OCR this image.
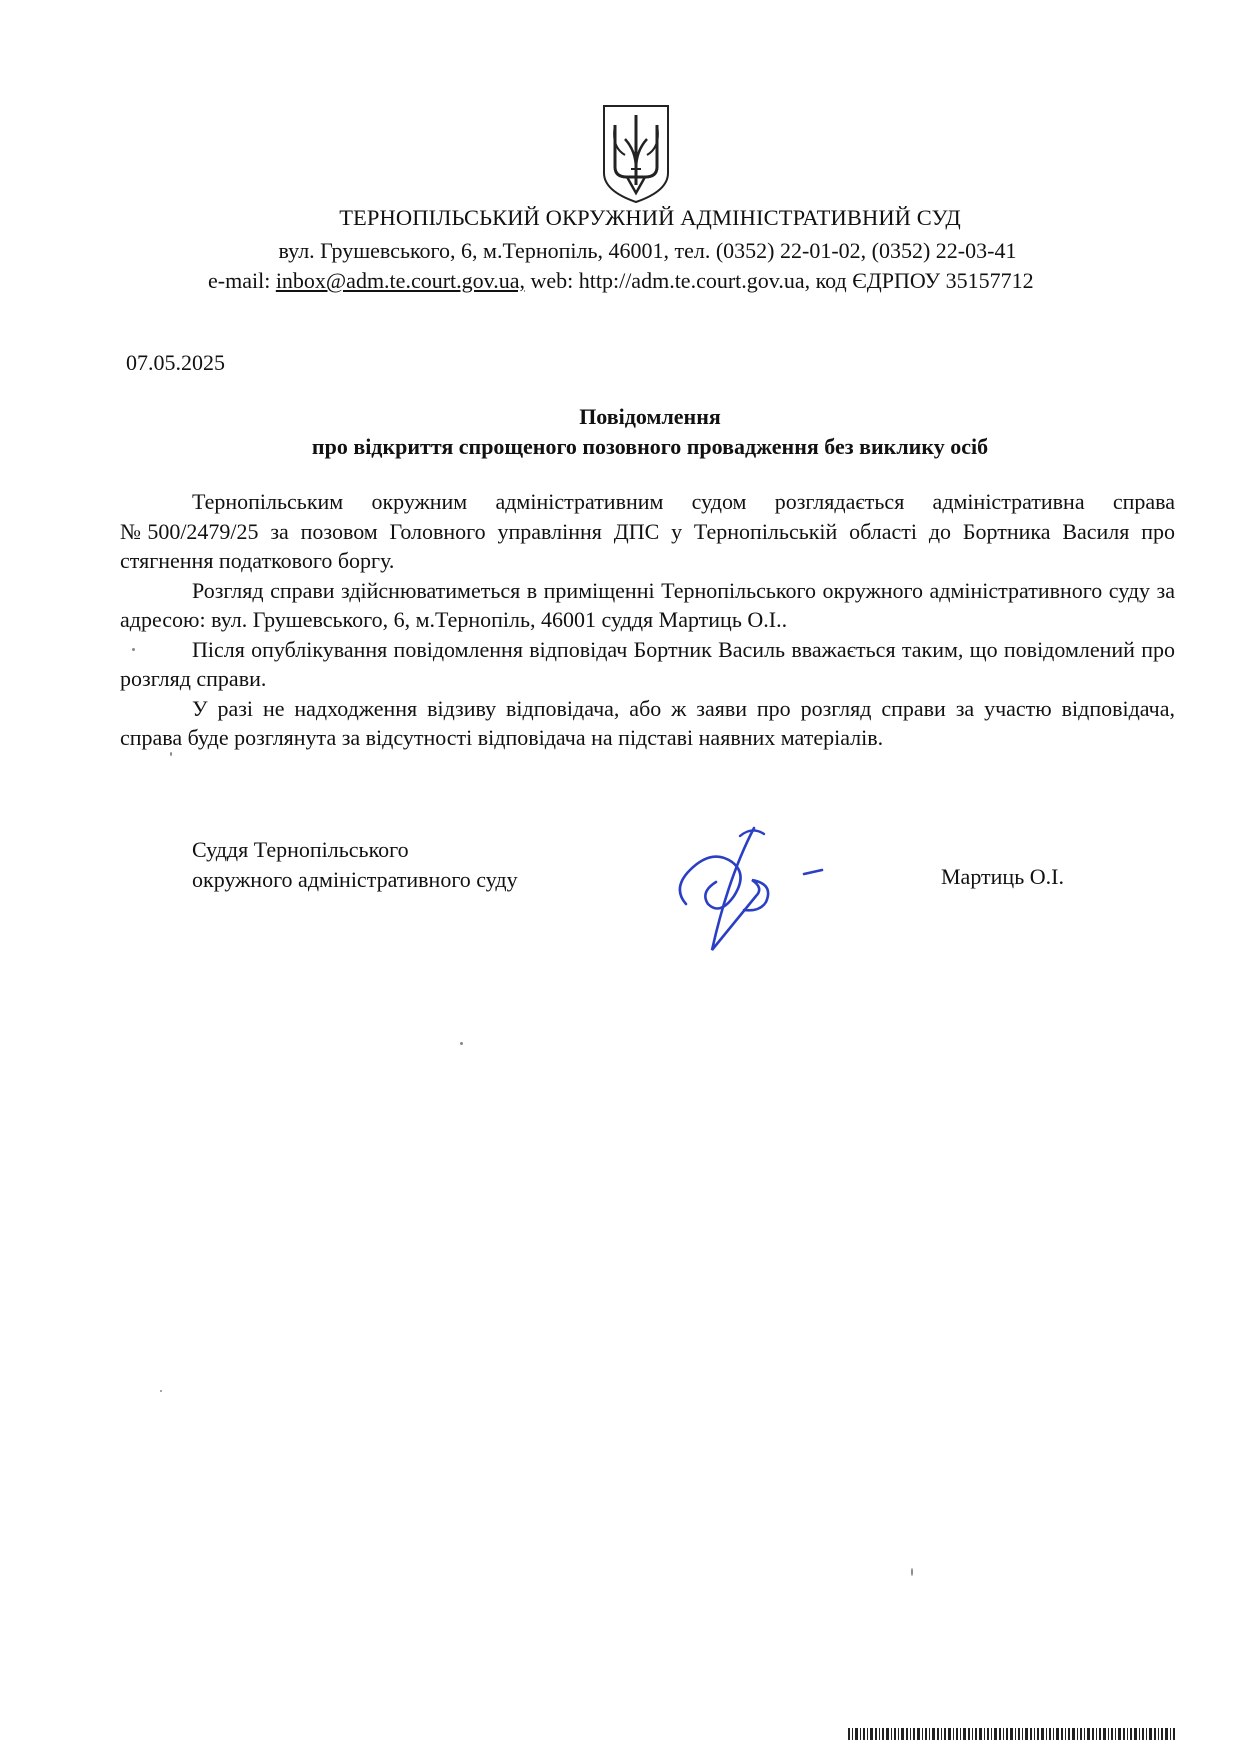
ТЕРНОПІЛЬСЬКИЙ ОКРУЖНИЙ АДМІНІСТРАТИВНИЙ СУД
вул. Грушевського, 6, м.Тернопіль, 46001, тел. (0352) 22-01-02, (0352) 22-03-41
e-mail: inbox@adm.te.court.gov.ua, web: http://adm.te.court.gov.ua, код ЄДРПОУ 35157712
07.05.2025
Повідомлення
про відкриття спрощеного позовного провадження без виклику осіб

Тернопільським окружним адміністративним судом розглядається адміністративна справа №500/2479/25 за позовом Головного управління ДПС у Тернопільській області до Бортника Василя про стягнення податкового боргу.

Розгляд справи здійснюватиметься в приміщенні Тернопільського окружного адміністративного суду за адресою: вул. Грушевського, 6, м.Тернопіль, 46001 суддя Мартиць О.І..

Після опублікування повідомлення відповідач Бортник Василь вважається таким, що повідомлений про розгляд справи.

У разі не надходження відзиву відповідача, або ж заяви про розгляд справи за участю відповідача, справа буде розглянута за відсутності відповідача на підставі наявних матеріалів.

Суддя Тернопільського
окружного адміністративного суду	Мартиць О.І.
